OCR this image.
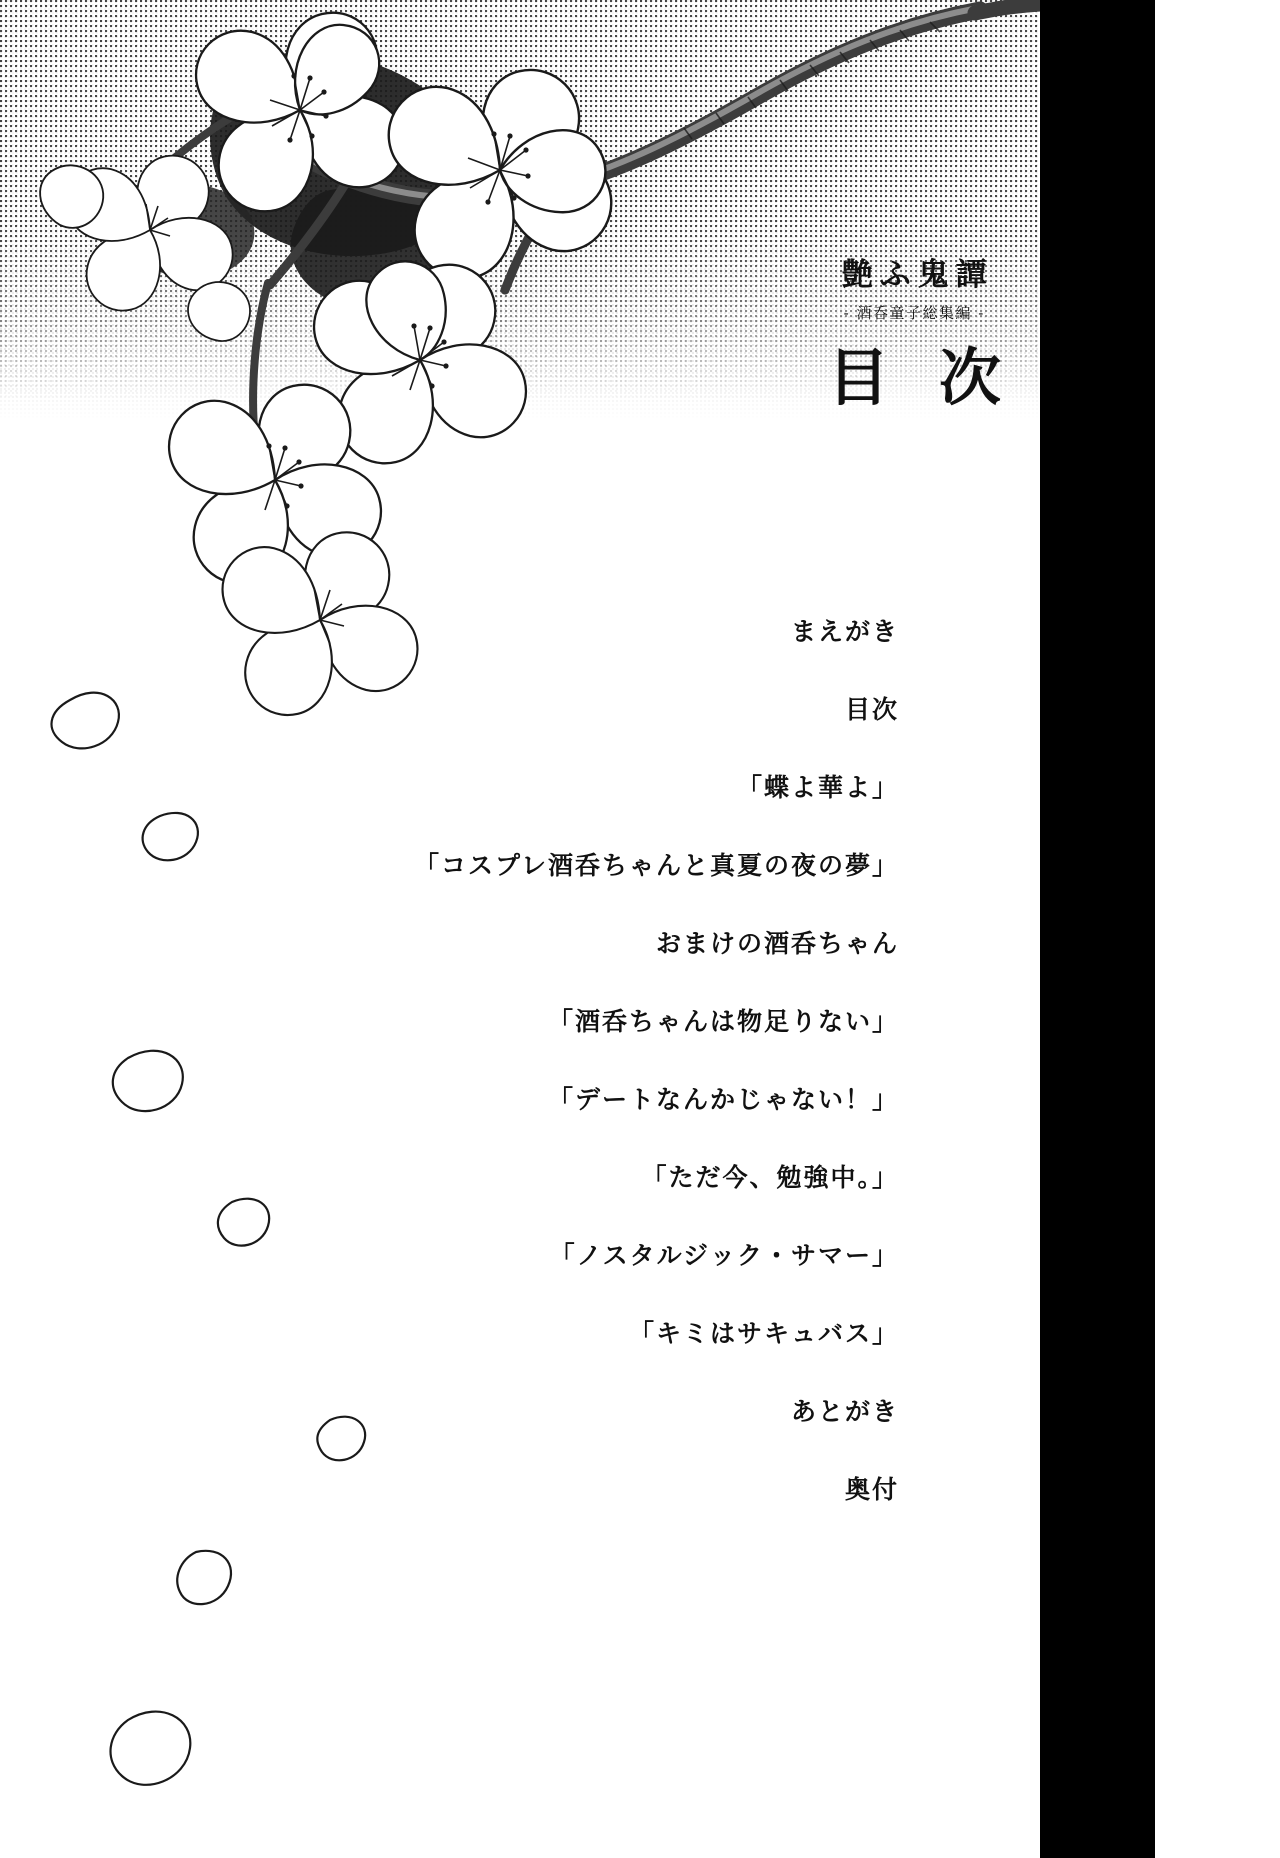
艶ふ鬼譚
- 酒呑童子総集編 -
目 次
まえがき	004
目次	005
「蝶よ華よ」	007
「コスプレ酒呑ちゃんと真夏の夜の夢」	023
おまけの酒呑ちゃん	039
「酒呑ちゃんは物足りない」	043
「デートなんかじゃない！」	057
「ただ今、勉強中。」	075
「ノスタルジック・サマー」	091
「キミはサキュバス」	107
あとがき	121
奥付	122
